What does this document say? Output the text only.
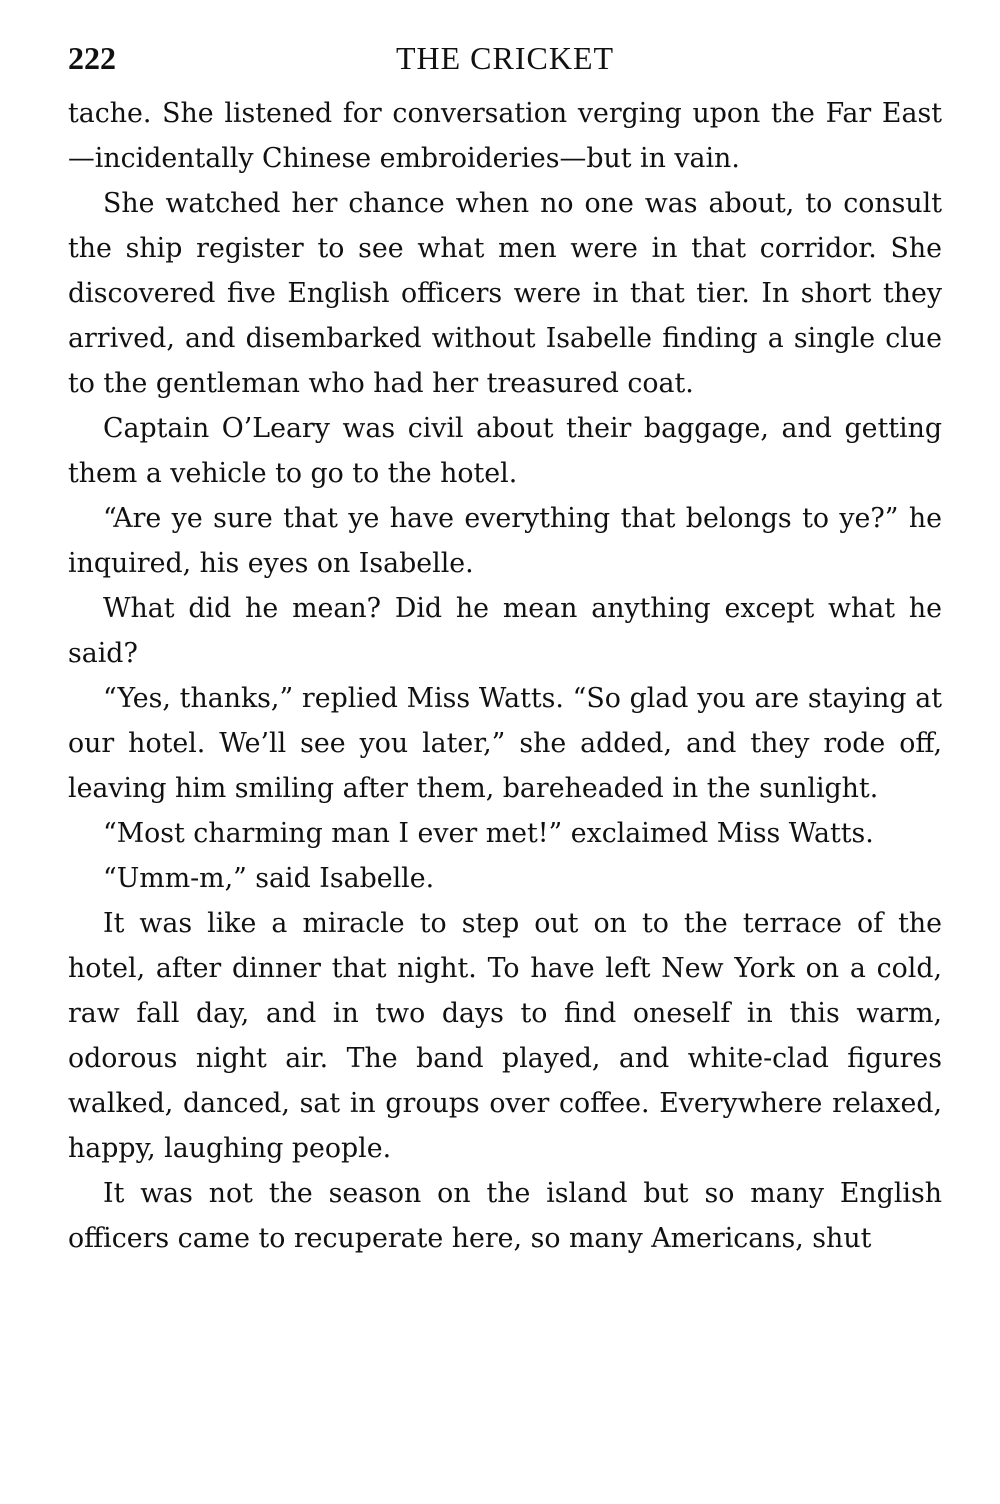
222	THE CRICKET

tache. She listened for conversation verging upon the Far East—incidentally Chinese embroideries—but in vain.

She watched her chance when no one was about, to consult the ship register to see what men were in that corridor. She discovered five English officers were in that tier. In short they arrived, and disembarked without Isabelle finding a single clue to the gentleman who had her treasured coat.

Captain O’Leary was civil about their baggage, and getting them a vehicle to go to the hotel.

“Are ye sure that ye have everything that belongs to ye?” he inquired, his eyes on Isabelle.

What did he mean? Did he mean anything except what he said?

“Yes, thanks,” replied Miss Watts. “So glad you are staying at our hotel. We’ll see you later,” she added, and they rode off, leaving him smiling after them, bareheaded in the sunlight.

“Most charming man I ever met!” exclaimed Miss Watts.

“Umm-m,” said Isabelle.

It was like a miracle to step out on to the terrace of the hotel, after dinner that night. To have left New York on a cold, raw fall day, and in two days to find oneself in this warm, odorous night air. The band played, and white-clad figures walked, danced, sat in groups over coffee. Everywhere relaxed, happy, laughing people.

It was not the season on the island but so many English officers came to recuperate here, so many Americans, shut
